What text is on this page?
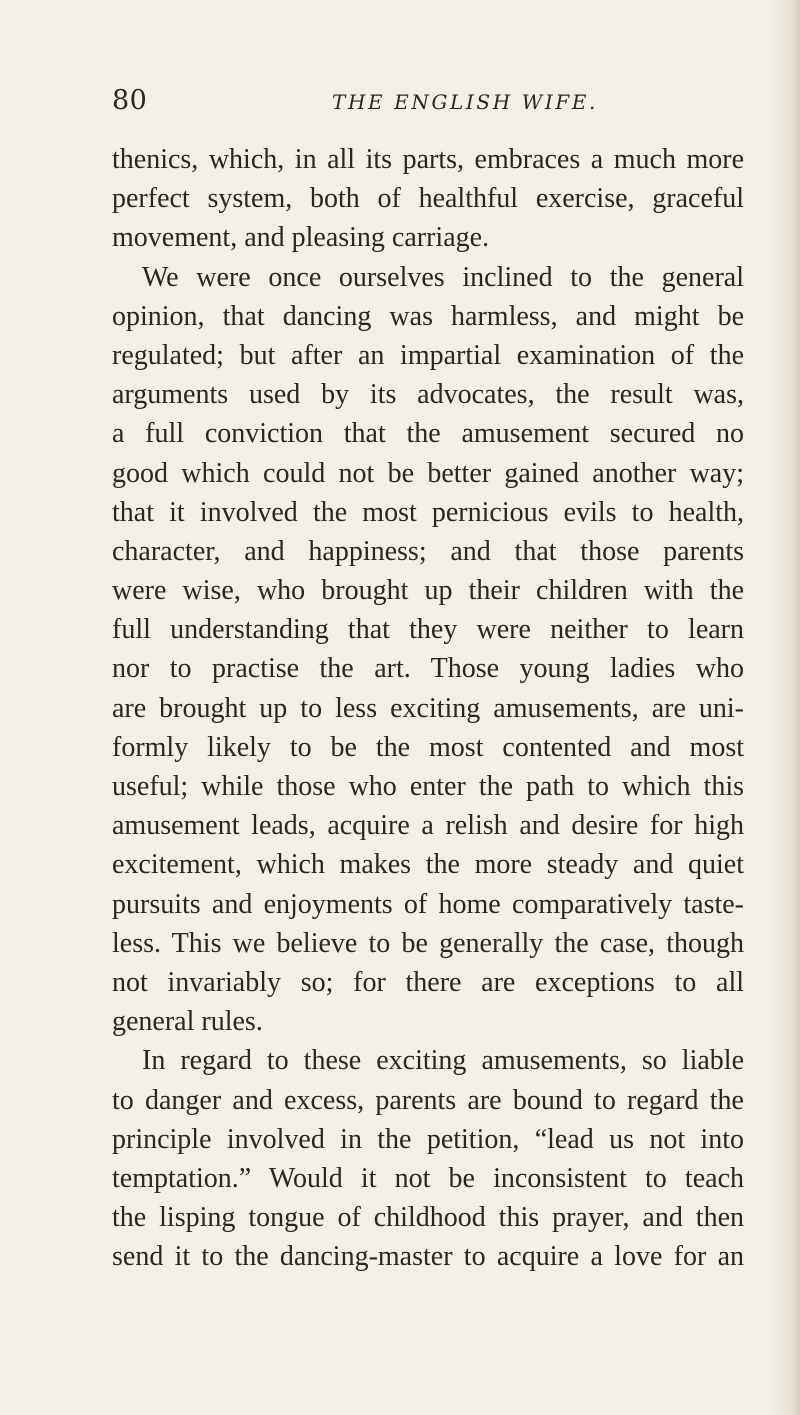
80	THE ENGLISH WIFE.
thenics, which, in all its parts, embraces a much more
perfect system, both of healthful exercise, graceful
movement, and pleasing carriage.
We were once ourselves inclined to the general
opinion, that dancing was harmless, and might be
regulated; but after an impartial examination of the
arguments used by its advocates, the result was,
a full conviction that the amusement secured no
good which could not be better gained another way;
that it involved the most pernicious evils to health,
character, and happiness; and that those parents
were wise, who brought up their children with the
full understanding that they were neither to learn
nor to practise the art. Those young ladies who
are brought up to less exciting amusements, are uni-
formly likely to be the most contented and most
useful; while those who enter the path to which this
amusement leads, acquire a relish and desire for high
excitement, which makes the more steady and quiet
pursuits and enjoyments of home comparatively taste-
less. This we believe to be generally the case, though
not invariably so; for there are exceptions to all
general rules.
In regard to these exciting amusements, so liable
to danger and excess, parents are bound to regard the
principle involved in the petition, “lead us not into
temptation.” Would it not be inconsistent to teach
the lisping tongue of childhood this prayer, and then
send it to the dancing-master to acquire a love for an
